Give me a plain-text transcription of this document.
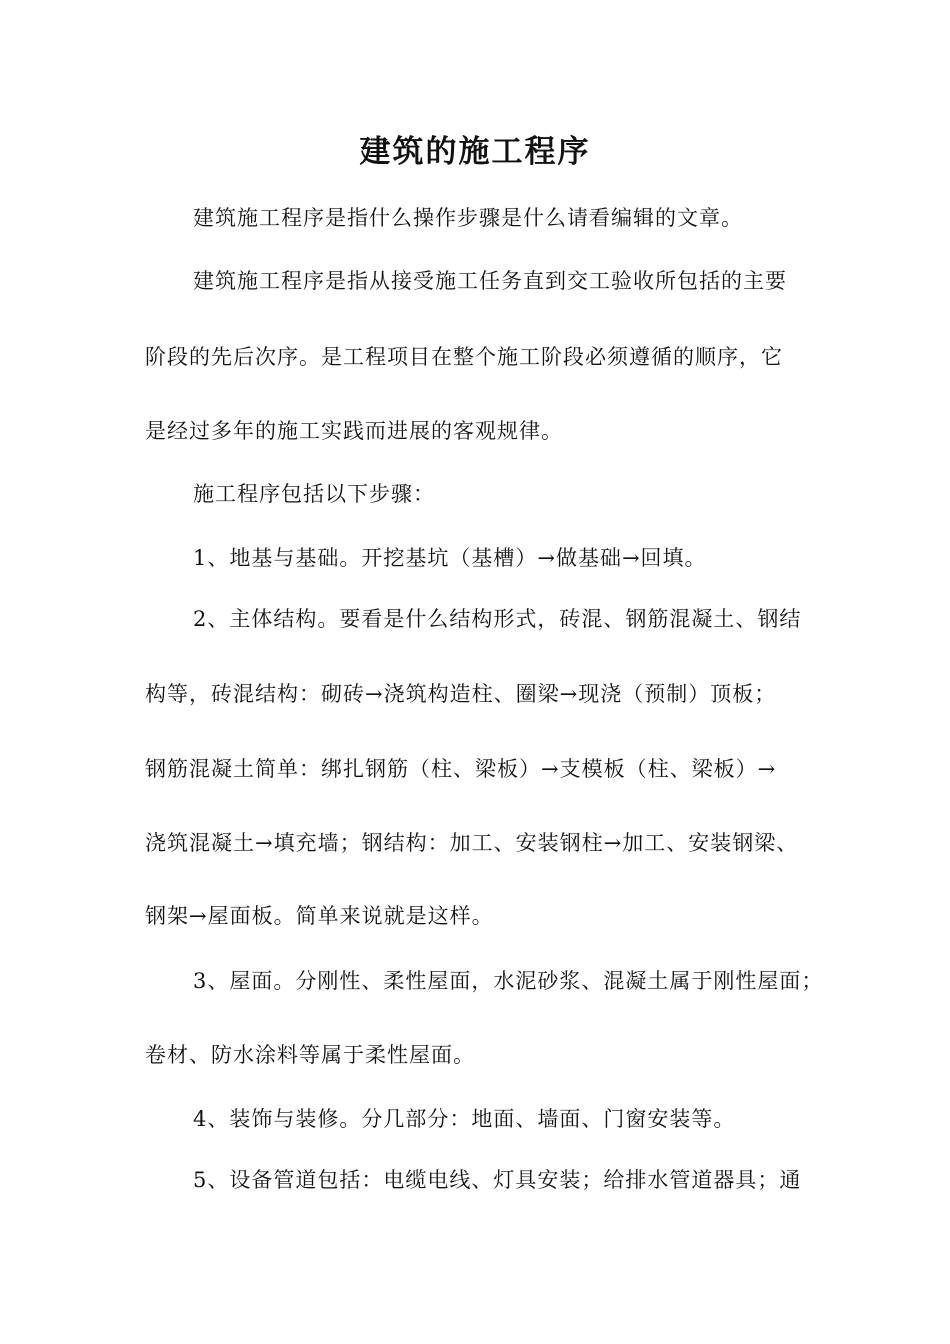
建筑的施工程序
建筑施工程序是指什么操作步骤是什么请看编辑的文章。
建筑施工程序是指从接受施工任务直到交工验收所包括的主要
阶段的先后次序。是工程项目在整个施工阶段必须遵循的顺序，它
是经过多年的施工实践而进展的客观规律。
施工程序包括以下步骤：
1、地基与基础。开挖基坑（基槽）→做基础→回填。
2、主体结构。要看是什么结构形式，砖混、钢筋混凝土、钢结
构等，砖混结构：砌砖→浇筑构造柱、圈梁→现浇（预制）顶板；
钢筋混凝土简单：绑扎钢筋（柱、梁板）→支模板（柱、梁板）→
浇筑混凝土→填充墙；钢结构：加工、安装钢柱→加工、安装钢梁、
钢架→屋面板。简单来说就是这样。
3、屋面。分刚性、柔性屋面，水泥砂浆、混凝土属于刚性屋面；
卷材、防水涂料等属于柔性屋面。
4、装饰与装修。分几部分：地面、墙面、门窗安装等。
5、设备管道包括：电缆电线、灯具安装；给排水管道器具；通
